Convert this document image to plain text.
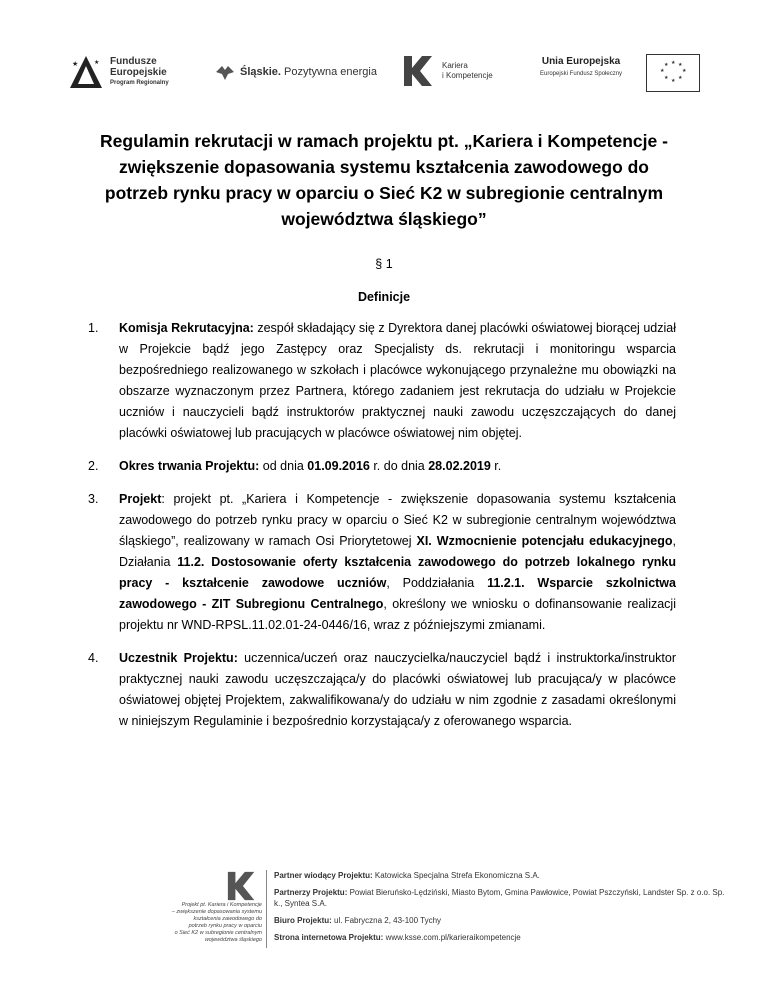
★	★ Fundusze
Europejskie
Program Regionalny
Śląskie.
Pozytywna energia
Kariera
i Kompetencje
Unia Europejska
Europejski Fundusz Społeczny
★ ★
★
★
★
★
★
★
Regulamin rekrutacji w ramach projektu pt. „Kariera i Kompetencje - zwiększenie dopasowania systemu kształcenia zawodowego do potrzeb rynku pracy w oparciu o Sieć K2 w subregionie centralnym województwa śląskiego”
§ 1
Definicje
1. Komisja Rekrutacyjna: zespół składający się z Dyrektora danej placówki oświatowej biorącej udział w Projekcie bądź jego Zastępcy oraz Specjalisty ds. rekrutacji i monitoringu wsparcia bezpośredniego realizowanego w szkołach i placówce wykonującego przynależne mu obowiązki na obszarze wyznaczonym przez Partnera, którego zadaniem jest rekrutacja do udziału w Projekcie uczniów i nauczycieli bądź instruktorów praktycznej nauki zawodu uczęszczających do danej placówki oświatowej lub pracujących w placówce oświatowej nim objętej.
2. Okres trwania Projektu: od dnia 01.09.2016 r. do dnia 28.02.2019 r.
3. Projekt: projekt pt. „Kariera i Kompetencje - zwiększenie dopasowania systemu kształcenia zawodowego do potrzeb rynku pracy w oparciu o Sieć K2 w subregionie centralnym województwa śląskiego”, realizowany w ramach Osi Priorytetowej XI. Wzmocnienie potencjału edukacyjnego, Działania 11.2. Dostosowanie oferty kształcenia zawodowego do potrzeb lokalnego rynku pracy - kształcenie zawodowe uczniów, Poddziałania 11.2.1. Wsparcie szkolnictwa zawodowego - ZIT Subregionu Centralnego, określony we wniosku o dofinansowanie realizacji projektu nr WND-RPSL.11.02.01-24-0446/16, wraz z późniejszymi zmianami.
4. Uczestnik Projektu: uczennica/uczeń oraz nauczycielka/nauczyciel bądź i instruktorka/instruktor praktycznej nauki zawodu uczęszczająca/y do placówki oświatowej lub pracująca/y w placówce oświatowej objętej Projektem, zakwalifikowana/y do udziału w nim zgodnie z zasadami określonymi w niniejszym Regulaminie i bezpośrednio korzystająca/y z oferowanego wsparcia.
Projekt pt. Kariera i Kompetencje
– zwiększenie dopasowania systemu
kształcenia zawodowego do
potrzeb rynku pracy w oparciu
o Sieć K2 w subregionie centralnym
województwa śląskiego

Partner wiodący Projektu: Katowicka Specjalna Strefa Ekonomiczna S.A.

Partnerzy Projektu: Powiat Bieruńsko-Lędziński, Miasto Bytom, Gmina Pawłowice, Powiat Pszczyński, Landster Sp. z o.o. Sp. k., Syntea S.A.

Biuro Projektu: ul. Fabryczna 2, 43-100 Tychy

Strona internetowa Projektu: www.ksse.com.pl/karieraikompetencje
